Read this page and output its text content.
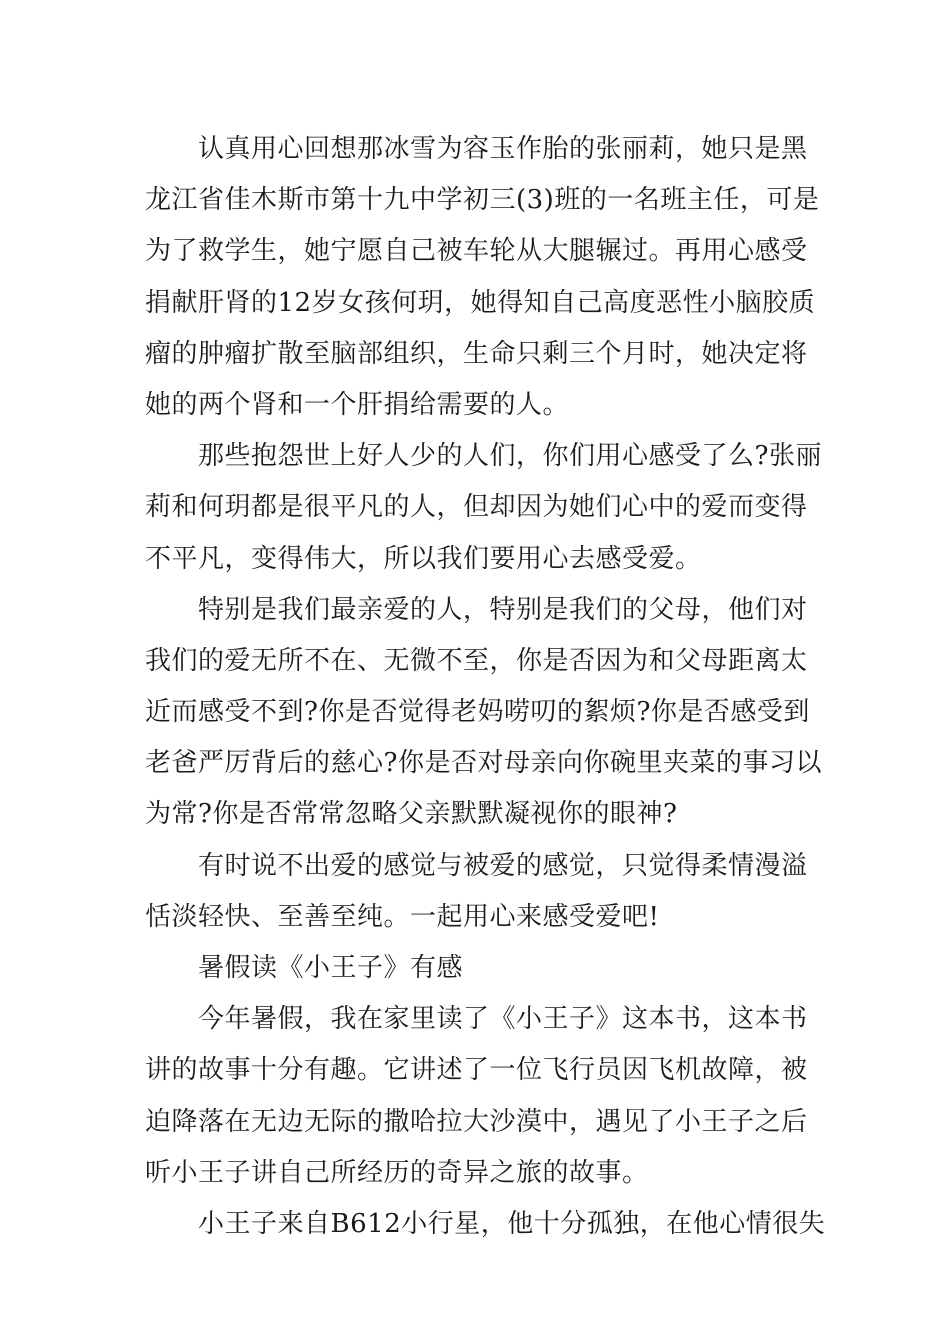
认真用心回想那冰雪为容玉作胎的张丽莉，她只是黑
龙江省佳木斯市第十九中学初三(3)班的一名班主任，可是
为了救学生，她宁愿自己被车轮从大腿辗过。再用心感受
捐献肝肾的12岁女孩何玥，她得知自己高度恶性小脑胶质
瘤的肿瘤扩散至脑部组织，生命只剩三个月时，她决定将
她的两个肾和一个肝捐给需要的人。
那些抱怨世上好人少的人们，你们用心感受了么?张丽
莉和何玥都是很平凡的人，但却因为她们心中的爱而变得
不平凡，变得伟大，所以我们要用心去感受爱。
特别是我们最亲爱的人，特别是我们的父母，他们对
我们的爱无所不在、无微不至，你是否因为和父母距离太
近而感受不到?你是否觉得老妈唠叨的絮烦?你是否感受到
老爸严厉背后的慈心?你是否对母亲向你碗里夹菜的事习以
为常?你是否常常忽略父亲默默凝视你的眼神?
有时说不出爱的感觉与被爱的感觉，只觉得柔情漫溢
恬淡轻快、至善至纯。一起用心来感受爱吧!
暑假读《小王子》有感
今年暑假，我在家里读了《小王子》这本书，这本书
讲的故事十分有趣。它讲述了一位飞行员因飞机故障，被
迫降落在无边无际的撒哈拉大沙漠中，遇见了小王子之后
听小王子讲自己所经历的奇异之旅的故事。
小王子来自B612小行星，他十分孤独，在他心情很失
